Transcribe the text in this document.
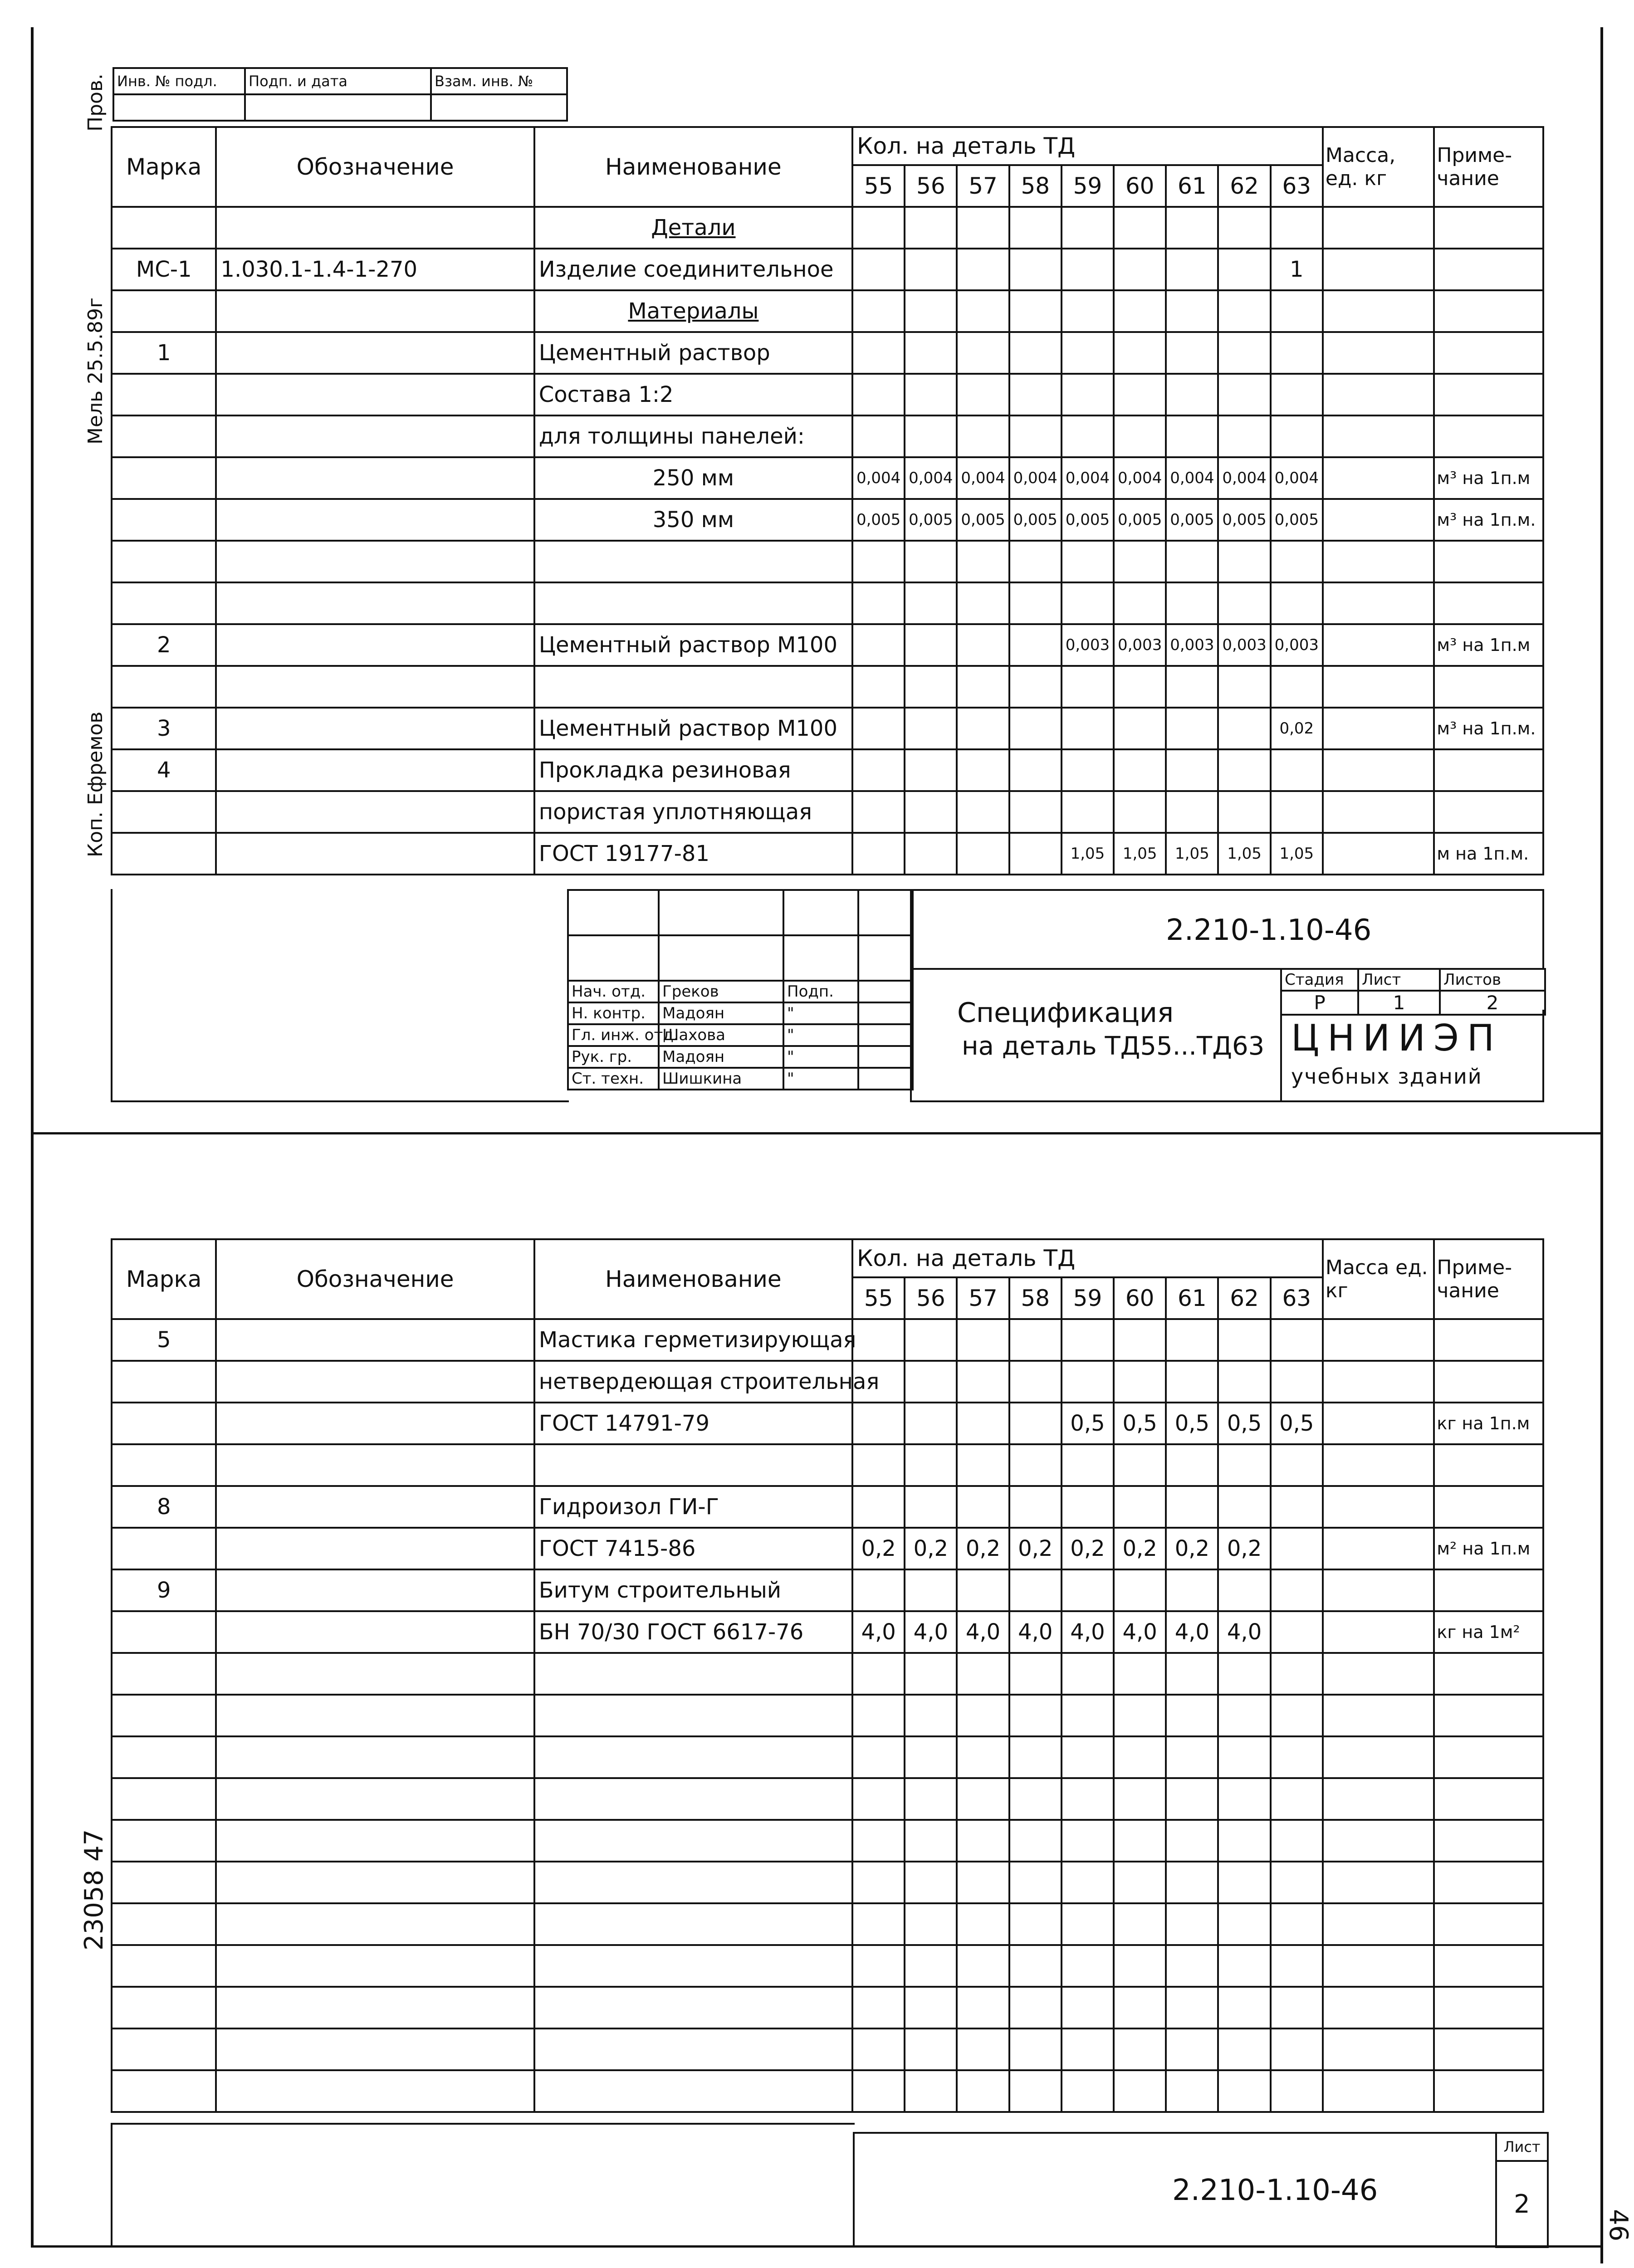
Пров.
Мель 25.5.89г
Коп. Ефремов
23058 47
46
Инв. № подл.	Подп. и дата	Взам. инв. №

Марка	Обозначение	Наименование	Кол. на деталь ТД									Масса, ед. кг	Приме- чание
			55	56	57	58	59	60	61	62	63		
		Детали											
МС-1	1.030.1-1.4-1-270	Изделие соединительное									1		
		Материалы											
1		Цементный раствор											
		Состава 1:2											
		для толщины панелей:											
		250 мм	0,004	0,004	0,004	0,004	0,004	0,004	0,004	0,004	0,004		м³ на 1п.м
		350 мм	0,005	0,005	0,005	0,005	0,005	0,005	0,005	0,005	0,005		м³ на 1п.м.

2		Цементный раствор М100					0,003	0,003	0,003	0,003	0,003		м³ на 1п.м

3		Цементный раствор М100									0,02		м³ на 1п.м.
4		Прокладка резиновая											
		пористая уплотняющая											
		ГОСТ 19177-81					1,05	1,05	1,05	1,05	1,05		м на 1п.м.

Нач. отд.	Греков	Подп.	
Н. контр.	Мадоян	"	
Гл. инж. отд.	Шахова	"	
Рук. гр.	Мадоян	"	
Ст. техн.	Шишкина	"	
2.210-1.10-46
Спецификация
на деталь ТД55...ТД63
Стадия	Лист	Листов
Р	1	2
ЦНИИЭП
учебных зданий
Марка	Обозначение	Наименование	Кол. на деталь ТД									Масса ед. кг	Приме- чание
			55	56	57	58	59	60	61	62	63		
5		Мастика герметизирующая											
		нетвердеющая строительная											
		ГОСТ 14791-79					0,5	0,5	0,5	0,5	0,5		кг на 1п.м

8		Гидроизол ГИ-Г											
		ГОСТ 7415-86	0,2	0,2	0,2	0,2	0,2	0,2	0,2	0,2			м² на 1п.м
9		Битум строительный											
		БН 70/30 ГОСТ 6617-76	4,0	4,0	4,0	4,0	4,0	4,0	4,0	4,0			кг на 1м²

2.210-1.10-46
Лист
2
